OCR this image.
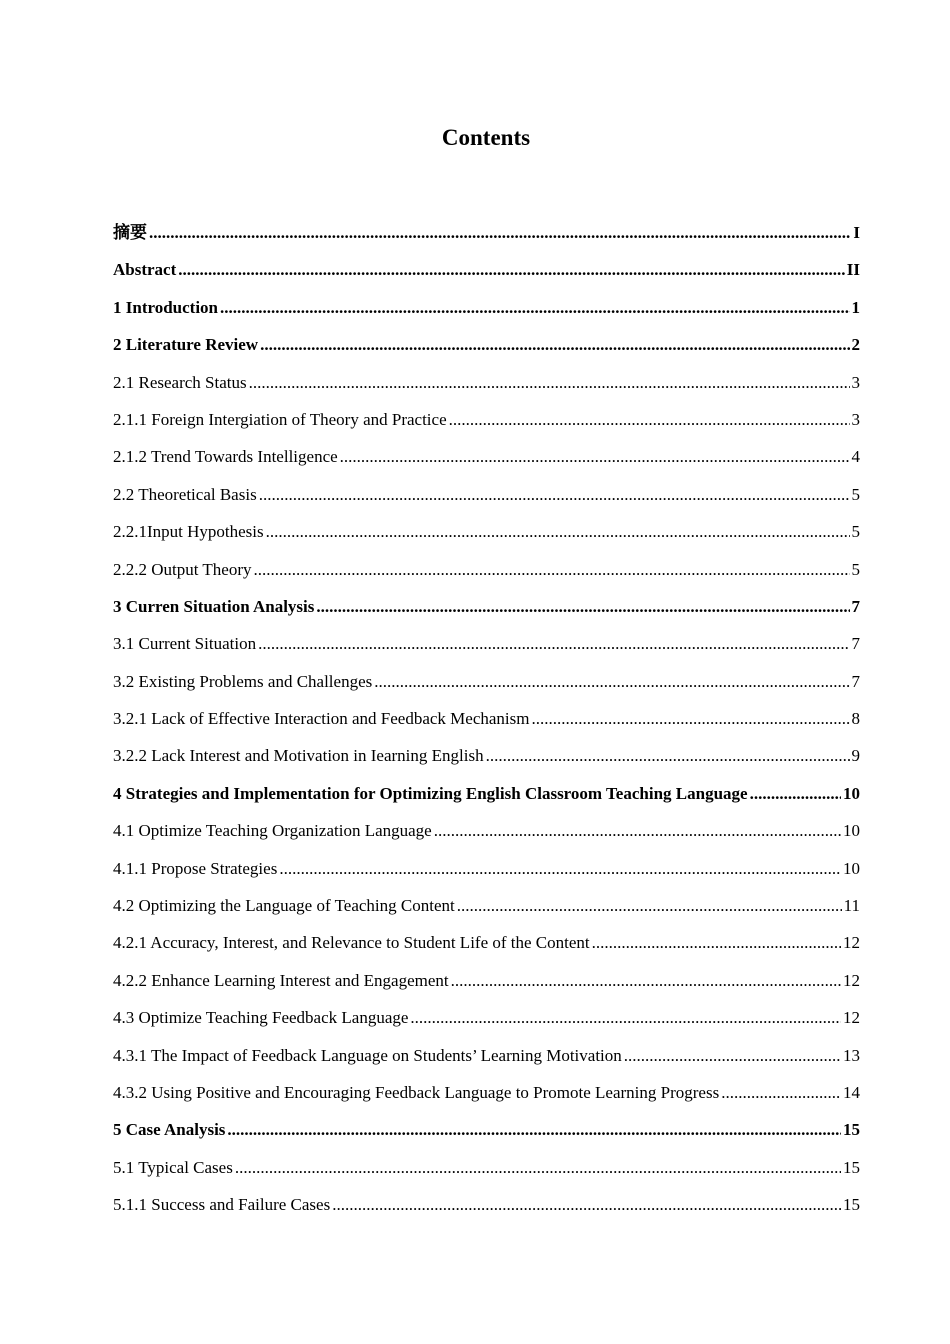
Contents
摘要 .....	I
Abstract .....	II
1 Introduction .....	1
2 Literature Review .....	2
2.1 Research Status .....	3
2.1.1 Foreign Intergiation of Theory and Practice .....	3
2.1.2 Trend Towards Intelligence .....	4
2.2 Theoretical Basis .....	5
2.2.1Input Hypothesis .....	5
2.2.2 Output Theory .....	5
3 Curren Situation Analysis .....	7
3.1 Current Situation .....	7
3.2 Existing Problems and Challenges .....	7
3.2.1 Lack of Effective Interaction and Feedback Mechanism .....	8
3.2.2 Lack Interest and Motivation in Iearning English .....	9
4 Strategies and Implementation for Optimizing English Classroom Teaching Language .....	10
4.1 Optimize Teaching Organization Language .....	10
4.1.1 Propose Strategies .....	10
4.2 Optimizing the Language of Teaching Content .....	11
4.2.1 Accuracy, Interest, and Relevance to Student Life of the Content .....	12
4.2.2 Enhance Learning Interest and Engagement .....	12
4.3 Optimize Teaching Feedback Language .....	12
4.3.1 The Impact of Feedback Language on Students’ Learning Motivation .....	13
4.3.2 Using Positive and Encouraging Feedback Language to Promote Learning Progress .....	14
5 Case Analysis .....	15
5.1 Typical Cases .....	15
5.1.1 Success and Failure Cases .....	15
